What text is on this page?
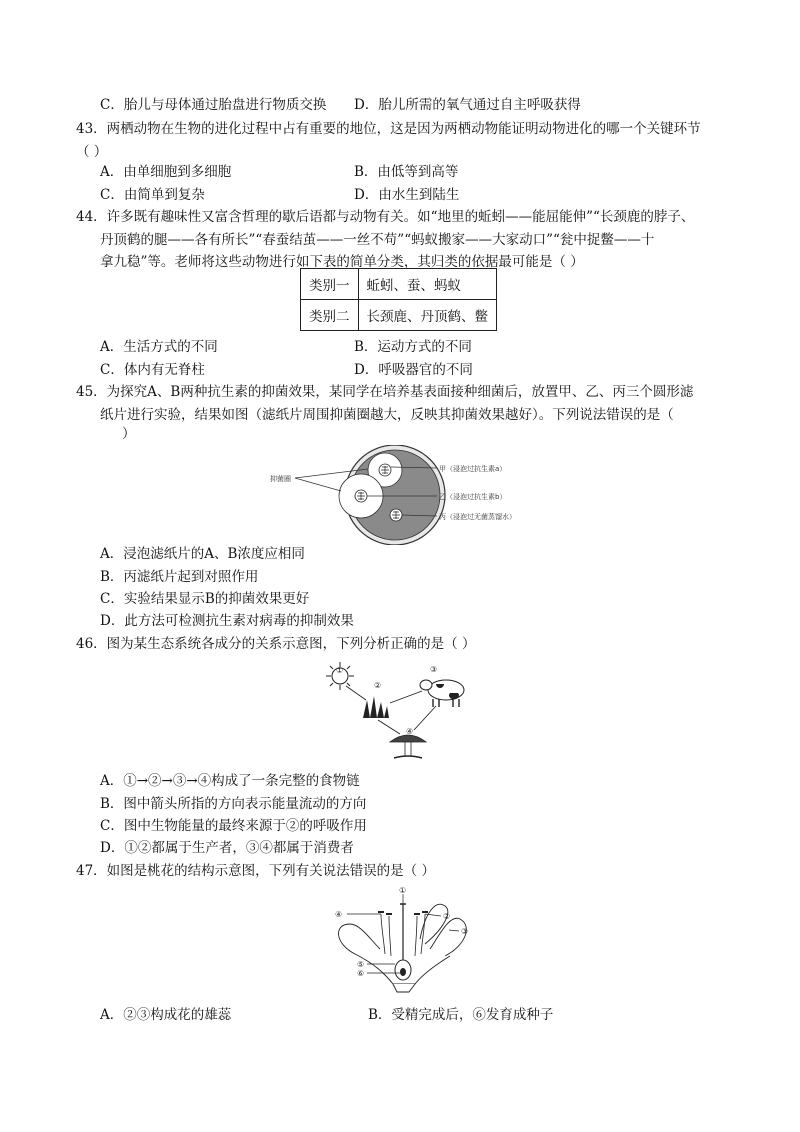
C．胎儿与母体通过胎盘进行物质交换 D．胎儿所需的氧气通过自主呼吸获得
43．两栖动物在生物的进化过程中占有重要的地位，这是因为两栖动物能证明动物进化的哪一个关键环节
（ ）
A．由单细胞到多细胞	B．由低等到高等
C．由简单到复杂	D．由水生到陆生
44．许多既有趣味性又富含哲理的歇后语都与动物有关。如“地里的蚯蚓——能屈能伸”“长颈鹿的脖子、
丹顶鹤的腿——各有所长”“春蚕结茧——一丝不苟”“蚂蚁搬家——大家动口”“瓮中捉鳖——十
拿九稳”等。老师将这些动物进行如下表的简单分类，其归类的依据最可能是（ ）
类别一	蚯蚓、蚕、蚂蚁
类别二	长颈鹿、丹顶鹤、鳖
A．生活方式的不同	B．运动方式的不同
C．体内有无脊柱	D．呼吸器官的不同
45．为探究A、B两种抗生素的抑菌效果，某同学在培养基表面接种细菌后，放置甲、乙、丙三个圆形滤
纸片进行实验，结果如图（滤纸片周围抑菌圈越大，反映其抑菌效果越好）。下列说法错误的是（
）
抑菌圈
甲（浸泡过抗生素a）
乙（浸泡过抗生素b）
丙（浸泡过无菌蒸馏水）
A．浸泡滤纸片的A、B浓度应相同
B．丙滤纸片起到对照作用
C．实验结果显示B的抑菌效果更好
D．此方法可检测抗生素对病毒的抑制效果
46．图为某生态系统各成分的关系示意图，下列分析正确的是（ ）
①
②
③
④
A．①→②→③→④构成了一条完整的食物链
B．图中箭头所指的方向表示能量流动的方向
C．图中生物能量的最终来源于②的呼吸作用
D．①②都属于生产者，③④都属于消费者
47．如图是桃花的结构示意图，下列有关说法错误的是（ ）
①
④	②
③
⑤
⑥
A．②③构成花的雄蕊	B．受精完成后，⑥发育成种子
